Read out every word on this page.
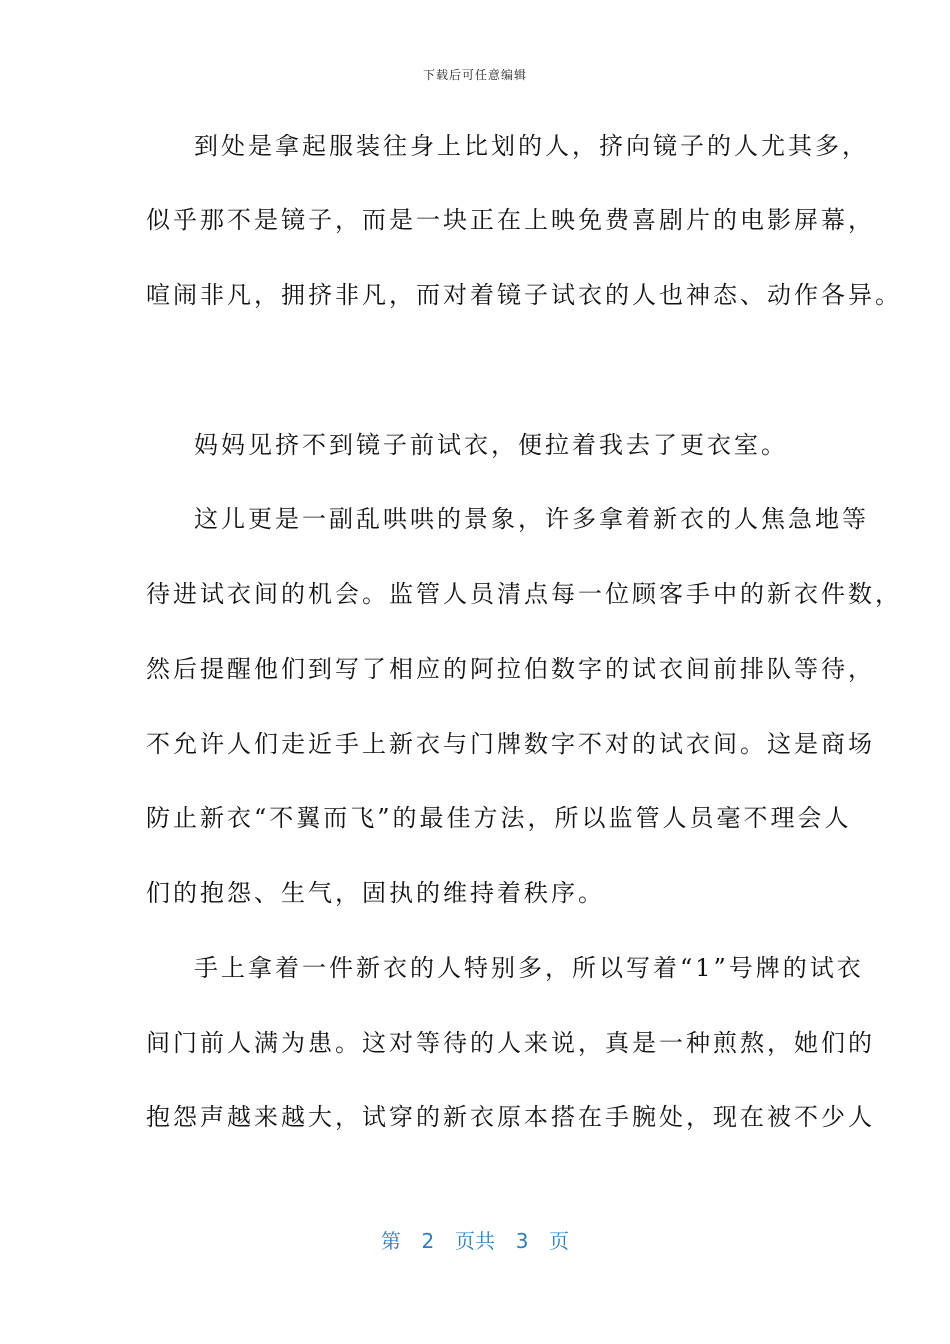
下载后可任意编辑
到处是拿起服装往身上比划的人，挤向镜子的人尤其多，
似乎那不是镜子，而是一块正在上映免费喜剧片的电影屏幕，
喧闹非凡，拥挤非凡，而对着镜子试衣的人也神态、动作各异。
妈妈见挤不到镜子前试衣，便拉着我去了更衣室。
这儿更是一副乱哄哄的景象，许多拿着新衣的人焦急地等
待进试衣间的机会。监管人员清点每一位顾客手中的新衣件数，
然后提醒他们到写了相应的阿拉伯数字的试衣间前排队等待，
不允许人们走近手上新衣与门牌数字不对的试衣间。这是商场
防止新衣“不翼而飞”的最佳方法，所以监管人员毫不理会人
们的抱怨、生气，固执的维持着秩序。
手上拿着一件新衣的人特别多，所以写着“1”号牌的试衣
间门前人满为患。这对等待的人来说，真是一种煎熬，她们的
抱怨声越来越大，试穿的新衣原本搭在手腕处，现在被不少人
第  2  页共  3  页
